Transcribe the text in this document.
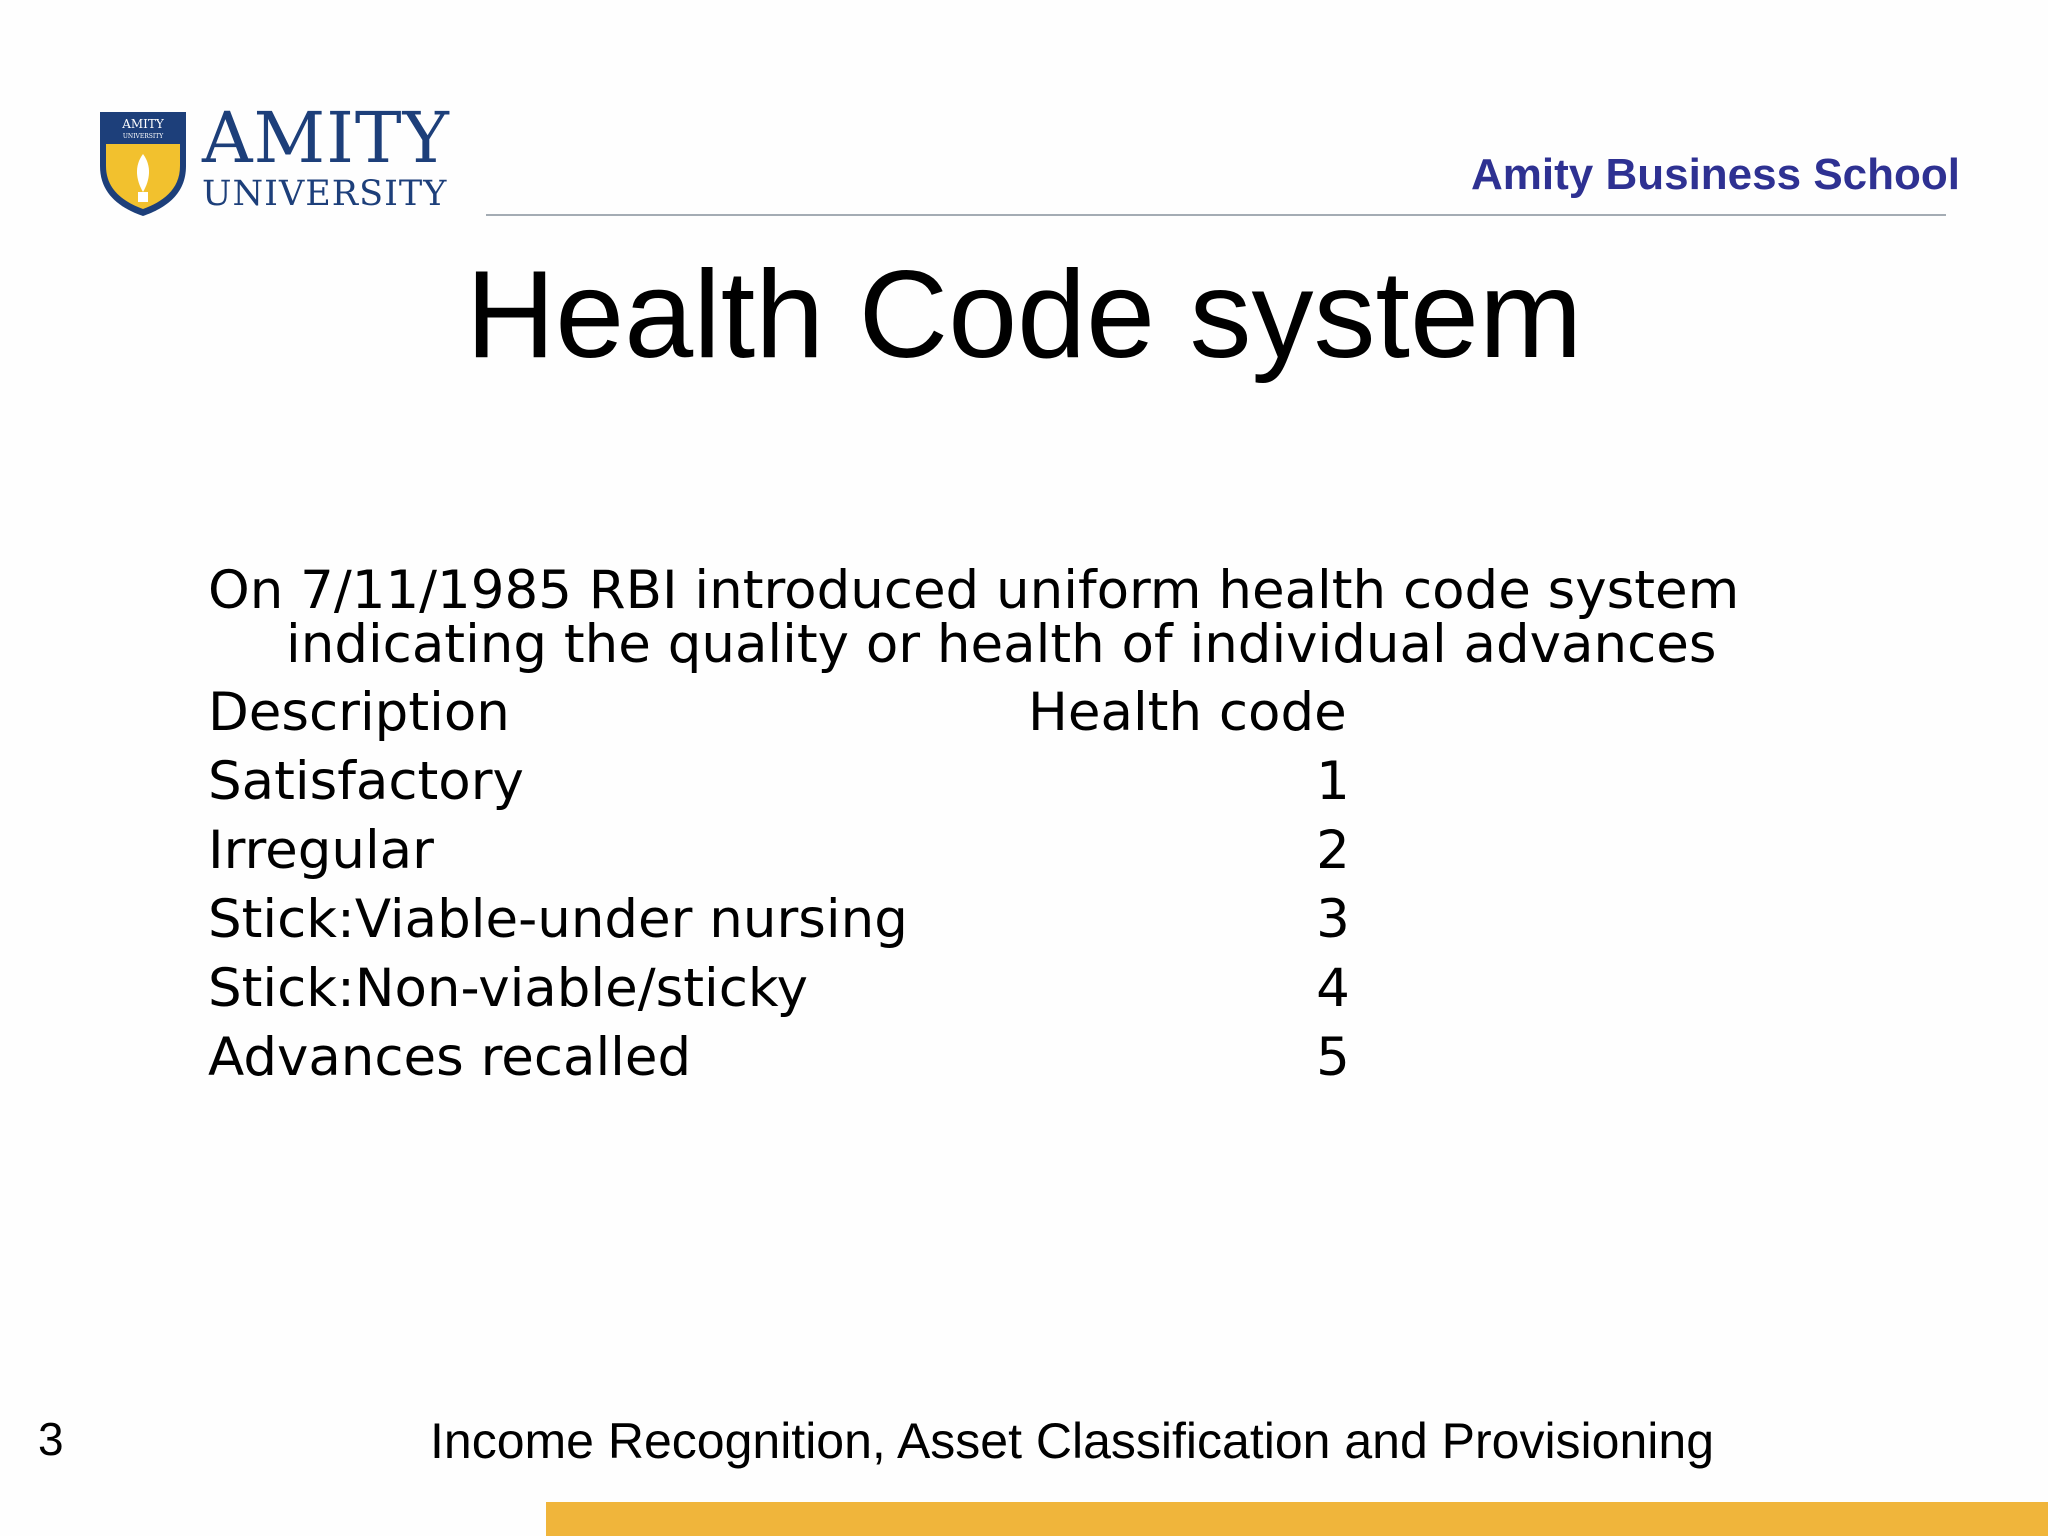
AMITY
UNIVERSITY AMITY
UNIVERSITY	Amity Business School
Health Code system
On 7/11/1985 RBI introduced uniform health code system indicating the quality or health of individual advances
Description	Health code
Satisfactory	1
Irregular	2
Stick:Viable-under nursing	3
Stick:Non-viable/sticky	4
Advances recalled	5
3	Income Recognition, Asset Classification and Provisioning
